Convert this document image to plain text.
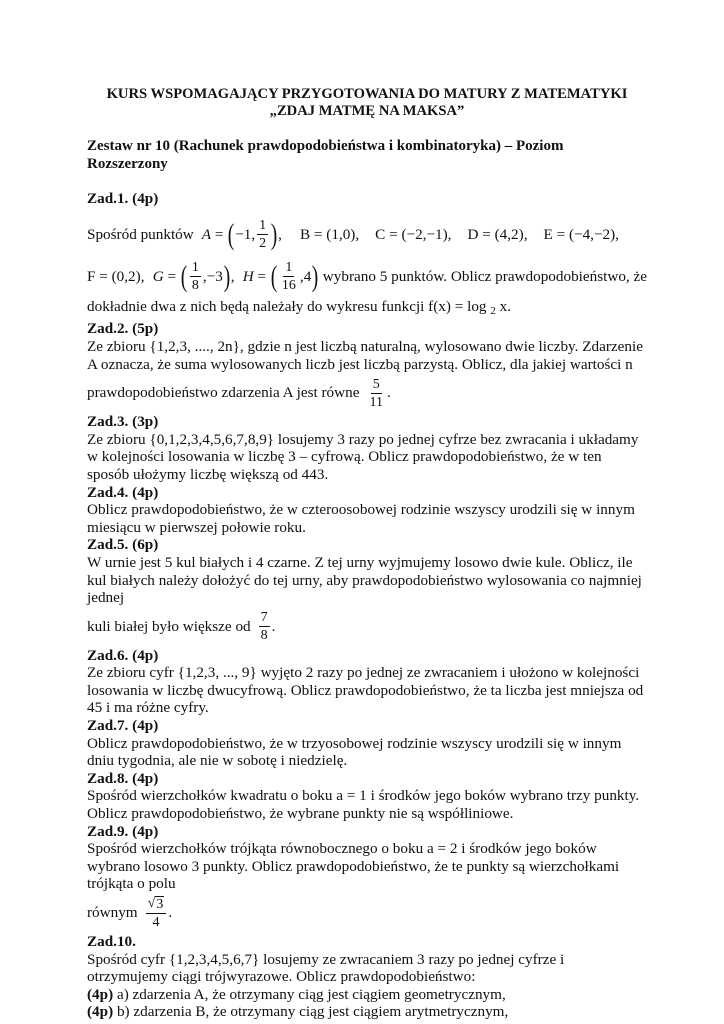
KURS WSPOMAGAJĄCY PRZYGOTOWANIA DO MATURY Z MATEMATYKI
„ZDAJ MATMĘ NA MAKSA”
Zestaw nr 10 (Rachunek prawdopodobieństwa i kombinatoryka) – Poziom Rozszerzony
Zad.1. (4p)
Spośród punktów A = ( −1, $\frac{1}{2}$ ) , B = (1,0), C = (−2,−1), D = (4,2), E = (−4,−2),
F = (0,2), G = ( $\frac{1}{8} ,-3$ ) , H = ( $\frac{1}{16} ,4$ ) wybrano 5 punktów. Oblicz prawdopodobieństwo, że

dokładnie dwa z nich będą należały do wykresu funkcji f(x) = log $_2$ x.

Zad.2. (5p)

Ze zbioru {1,2,3, ...., 2n}, gdzie n jest liczbą naturalną, wylosowano dwie liczby. Zdarzenie A oznacza, że suma wylosowanych liczb jest liczbą parzystą. Oblicz, dla jakiej wartości n

prawdopodobieństwo zdarzenia A jest równe $\frac{5}{11}$ .
Zad.3. (3p)

Ze zbioru {0,1,2,3,4,5,6,7,8,9} losujemy 3 razy po jednej cyfrze bez zwracania i układamy w kolejności losowania w liczbę 3 – cyfrową. Oblicz prawdopodobieństwo, że w ten sposób ułożymy liczbę większą od 443.

Zad.4. (4p)

Oblicz prawdopodobieństwo, że w czteroosobowej rodzinie wszyscy urodzili się w innym miesiącu w pierwszej połowie roku.

Zad.5. (6p)

W urnie jest 5 kul białych i 4 czarne. Z tej urny wyjmujemy losowo dwie kule. Oblicz, ile kul białych należy dołożyć do tej urny, aby prawdopodobieństwo wylosowania co najmniej jednej

kuli białej było większe od $\frac{7}{8}$ .
Zad.6. (4p)

Ze zbioru cyfr {1,2,3, ..., 9} wyjęto 2 razy po jednej ze zwracaniem i ułożono w kolejności losowania w liczbę dwucyfrową. Oblicz prawdopodobieństwo, że ta liczba jest mniejsza od 45 i ma różne cyfry.

Zad.7. (4p)

Oblicz prawdopodobieństwo, że w trzyosobowej rodzinie wszyscy urodzili się w innym dniu tygodnia, ale nie w sobotę i niedzielę.

Zad.8. (4p)

Spośród wierzchołków kwadratu o boku a = 1 i środków jego boków wybrano trzy punkty. Oblicz prawdopodobieństwo, że wybrane punkty nie są współliniowe.

Zad.9. (4p)

Spośród wierzchołków trójkąta równobocznego o boku a = 2 i środków jego boków wybrano losowo 3 punkty. Oblicz prawdopodobieństwo, że te punkty są wierzchołkami trójkąta o polu

równym $\frac{√ 3}{4}$ .
Zad.10.

Spośród cyfr {1,2,3,4,5,6,7} losujemy ze zwracaniem 3 razy po jednej cyfrze i otrzymujemy ciągi trójwyrazowe. Oblicz prawdopodobieństwo:

(4p) a) zdarzenia A, że otrzymany ciąg jest ciągiem geometrycznym,

(4p) b) zdarzenia B, że otrzymany ciąg jest ciągiem arytmetrycznym,
